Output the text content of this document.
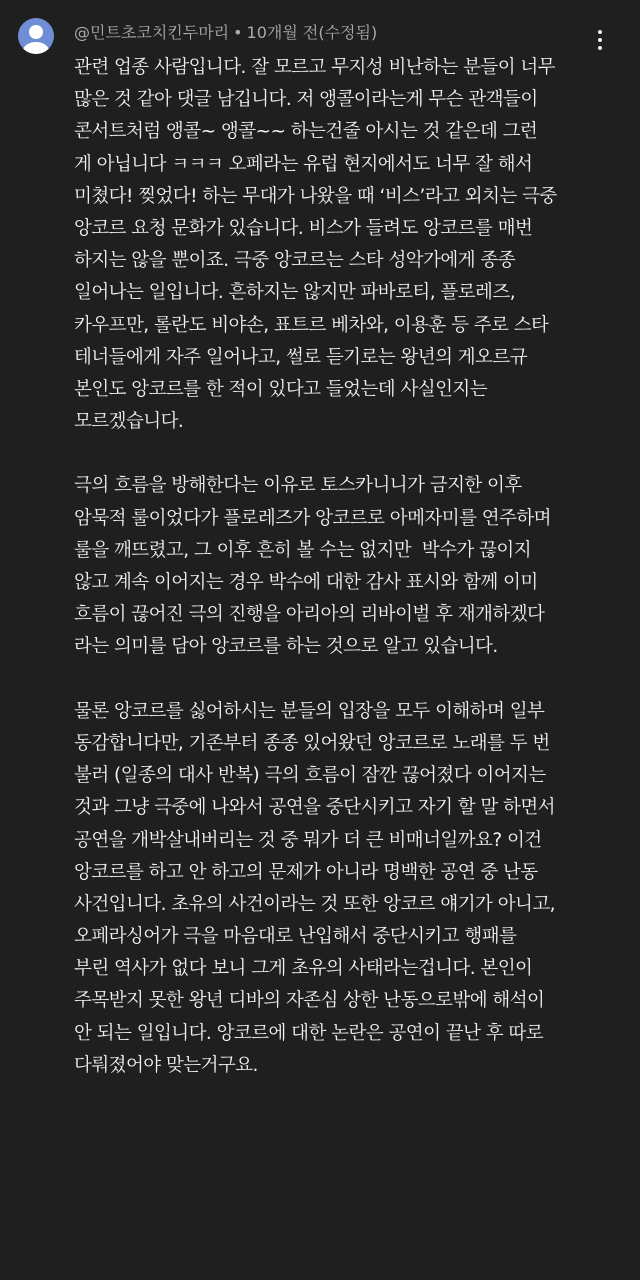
@민트초코치킨두마리 • 10개월 전(수정됨)
관련 업종 사람입니다. 잘 모르고 무지성 비난하는 분들이 너무
많은 것 같아 댓글 남깁니다. 저 앵콜이라는게 무슨 관객들이
콘서트처럼 앵콜~ 앵콜~~ 하는건줄 아시는 것 같은데 그런
게 아닙니다 ㅋㅋㅋ 오페라는 유럽 현지에서도 너무 잘 해서
미쳤다! 찢었다! 하는 무대가 나왔을 때 ‘비스’라고 외치는 극중
앙코르 요청 문화가 있습니다. 비스가 들려도 앙코르를 매번
하지는 않을 뿐이죠. 극중 앙코르는 스타 성악가에게 종종
일어나는 일입니다. 흔하지는 않지만 파바로티, 플로레즈,
카우프만, 롤란도 비야손, 표트르 베차와, 이용훈 등 주로 스타
테너들에게 자주 일어나고, 썰로 듣기로는 왕년의 게오르규
본인도 앙코르를 한 적이 있다고 들었는데 사실인지는
모르겠습니다.
극의 흐름을 방해한다는 이유로 토스카니니가 금지한 이후
암묵적 룰이었다가 플로레즈가 앙코르로 아메자미를 연주하며
룰을 깨뜨렸고, 그 이후 흔히 볼 수는 없지만  박수가 끊이지
않고 계속 이어지는 경우 박수에 대한 감사 표시와 함께 이미
흐름이 끊어진 극의 진행을 아리아의 리바이벌 후 재개하겠다
라는 의미를 담아 앙코르를 하는 것으로 알고 있습니다.
물론 앙코르를 싫어하시는 분들의 입장을 모두 이해하며 일부
동감합니다만, 기존부터 종종 있어왔던 앙코르로 노래를 두 번
불러 (일종의 대사 반복) 극의 흐름이 잠깐 끊어졌다 이어지는
것과 그냥 극중에 나와서 공연을 중단시키고 자기 할 말 하면서
공연을 개박살내버리는 것 중 뭐가 더 큰 비매너일까요? 이건
앙코르를 하고 안 하고의 문제가 아니라 명백한 공연 중 난동
사건입니다. 초유의 사건이라는 것 또한 앙코르 얘기가 아니고,
오페라싱어가 극을 마음대로 난입해서 중단시키고 행패를
부린 역사가 없다 보니 그게 초유의 사태라는겁니다. 본인이
주목받지 못한 왕년 디바의 자존심 상한 난동으로밖에 해석이
안 되는 일입니다. 앙코르에 대한 논란은 공연이 끝난 후 따로
다뤄졌어야 맞는거구요.
